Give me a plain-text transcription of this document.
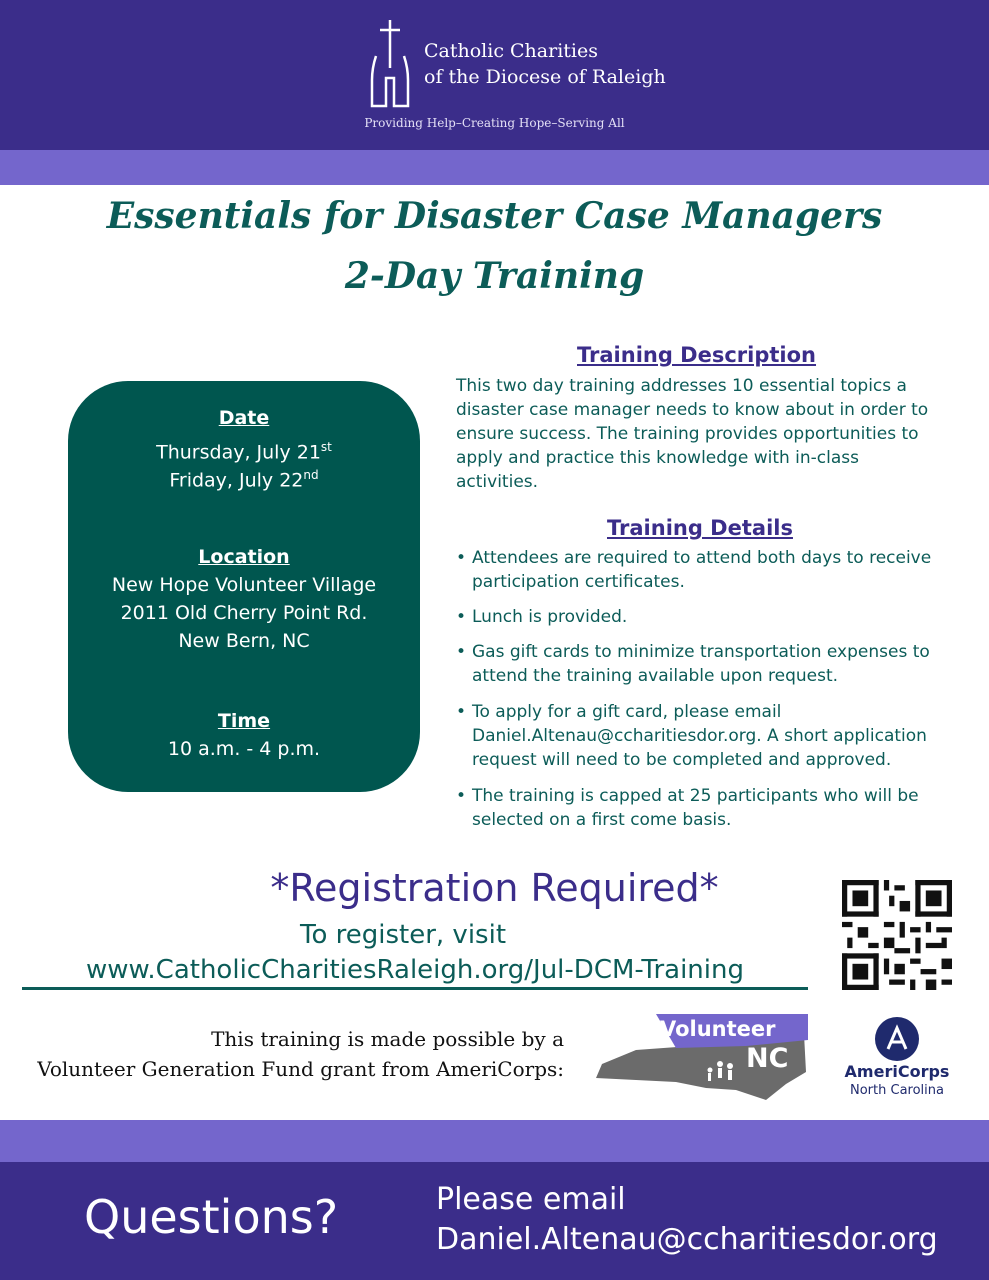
Catholic Charities
of the Diocese of Raleigh
Providing Help–Creating Hope–Serving All
Essentials for Disaster Case Managers
2-Day Training
Date
Thursday, July 21st
Friday, July 22nd
Location
New Hope Volunteer Village
2011 Old Cherry Point Rd.
New Bern, NC
Time
10 a.m. - 4 p.m.
Training Description
This two day training addresses 10 essential topics a disaster case manager needs to know about in order to ensure success. The training provides opportunities to apply and practice this knowledge with in-class activities.
Training Details
• Attendees are required to attend both days to receive participation certificates.
• Lunch is provided.
• Gas gift cards to minimize transportation expenses to attend the training available upon request.
• To apply for a gift card, please email Daniel.Altenau@ccharitiesdor.org. A short application request will need to be completed and approved.
• The training is capped at 25 participants who will be selected on a first come basis.
*Registration Required*
To register, visit
www.CatholicCharitiesRaleigh.org/Jul-DCM-Training
This training is made possible by a
Volunteer Generation Fund grant from AmeriCorps:
Volunteer
NC	AmeriCorps
North Carolina
Questions?	Please email
Daniel.Altenau@ccharitiesdor.org
